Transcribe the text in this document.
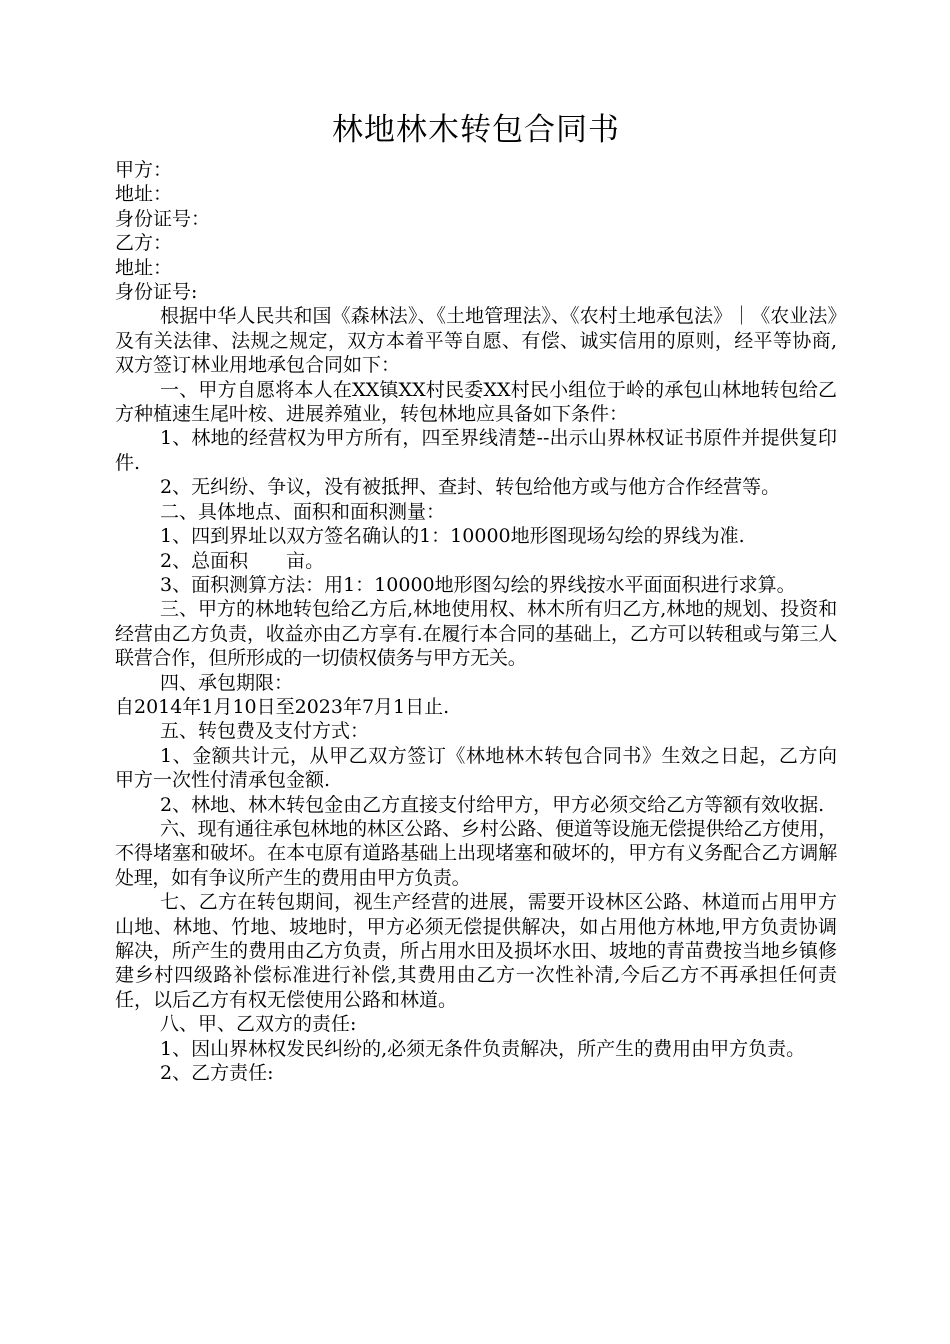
林地林木转包合同书

甲方：

地址：

身份证号：

乙方：

地址：

身份证号:

根据中华人民共和国《森林法》、《土地管理法》、《农村土地承包法》｜《农业法》及有关法律、法规之规定，双方本着平等自愿、有偿、诚实信用的原则，经平等协商,双方签订林业用地承包合同如下：

一、甲方自愿将本人在XX镇XX村民委XX村民小组位于岭的承包山林地转包给乙方种植速生尾叶桉、进展养殖业，转包林地应具备如下条件：

1、林地的经营权为甲方所有，四至界线清楚--出示山界林权证书原件并提供复印件.

2、无纠纷、争议，没有被抵押、查封、转包给他方或与他方合作经营等。

二、具体地点、面积和面积测量：

1、四到界址以双方签名确认的1：10000地形图现场勾绘的界线为准.

2、总面积　　亩。

3、面积测算方法：用1：10000地形图勾绘的界线按水平面面积进行求算。

三、甲方的林地转包给乙方后,林地使用权、林木所有归乙方,林地的规划、投资和经营由乙方负责，收益亦由乙方享有.在履行本合同的基础上，乙方可以转租或与第三人联营合作，但所形成的一切债权债务与甲方无关。

四、承包期限：

自2014年1月10日至2023年7月1日止.

五、转包费及支付方式：

1、金额共计元，从甲乙双方签订《林地林木转包合同书》生效之日起，乙方向甲方一次性付清承包金额.

2、林地、林木转包金由乙方直接支付给甲方，甲方必须交给乙方等额有效收据.

六、现有通往承包林地的林区公路、乡村公路、便道等设施无偿提供给乙方使用，不得堵塞和破坏。在本屯原有道路基础上出现堵塞和破坏的，甲方有义务配合乙方调解处理，如有争议所产生的费用由甲方负责。

七、乙方在转包期间，视生产经营的进展，需要开设林区公路、林道而占用甲方山地、林地、竹地、坡地时，甲方必须无偿提供解决，如占用他方林地,甲方负责协调解决，所产生的费用由乙方负责，所占用水田及损坏水田、坡地的青苗费按当地乡镇修建乡村四级路补偿标准进行补偿,其费用由乙方一次性补清,今后乙方不再承担任何责任，以后乙方有权无偿使用公路和林道。

八、甲、乙双方的责任:

1、因山界林权发民纠纷的,必须无条件负责解决，所产生的费用由甲方负责。

2、乙方责任:
